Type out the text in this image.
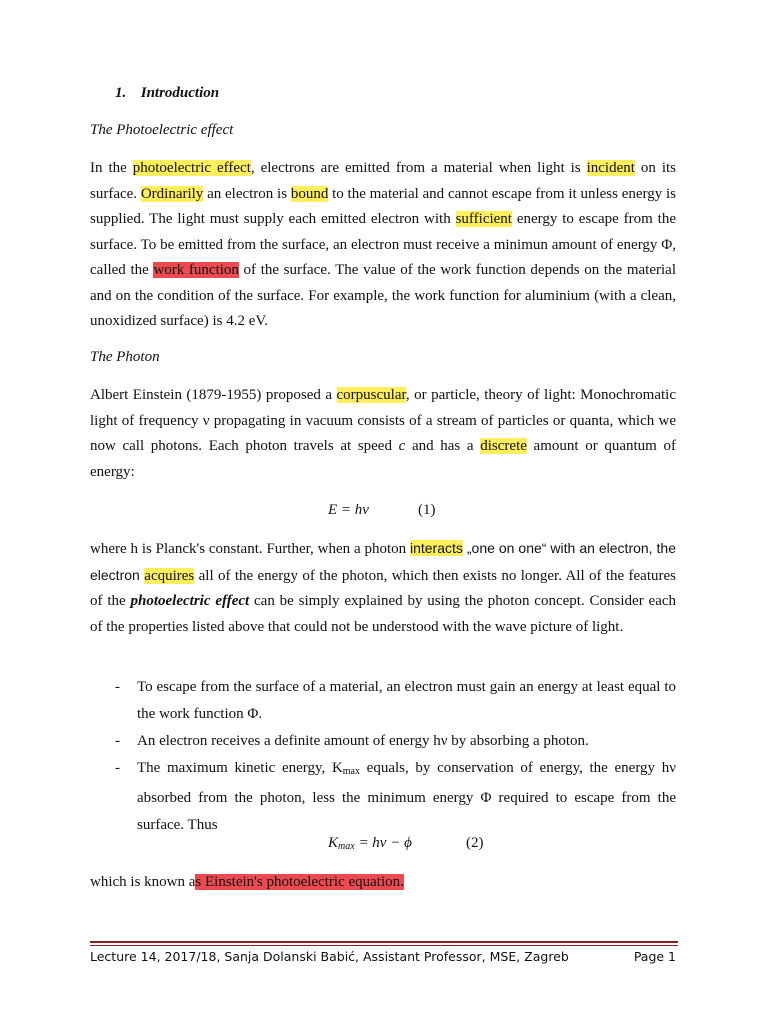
1. Introduction
The Photoelectric effect

In the photoelectric effect, electrons are emitted from a material when light is incident on its surface. Ordinarily an electron is bound to the material and cannot escape from it unless energy is supplied. The light must supply each emitted electron with sufficient energy to escape from the surface. To be emitted from the surface, an electron must receive a minimun amount of energy Φ, called the work function of the surface. The value of the work function depends on the material and on the condition of the surface. For example, the work function for aluminium (with a clean, unoxidized surface) is 4.2 eV.

The Photon

Albert Einstein (1879-1955) proposed a corpuscular, or particle, theory of light: Monochromatic light of frequency ν propagating in vacuum consists of a stream of particles or quanta, which we now call photons. Each photon travels at speed c and has a discrete amount or quantum of energy:

E = hν	(1)

where h is Planck's constant. Further, when a photon interacts „one on one“ with an electron, the electron acquires all of the energy of the photon, which then exists no longer. All of the features of the photoelectric effect can be simply explained by using the photon concept. Consider each of the properties listed above that could not be understood with the wave picture of light.

- To escape from the surface of a material, an electron must gain an energy at least equal to the work function Φ.
- An electron receives a definite amount of energy hν by absorbing a photon.
- The maximum kinetic energy, $K_{max}$ equals, by conservation of energy, the energy hν absorbed from the photon, less the minimum energy Φ required to escape from the surface. Thus
$K_{max} = h\nu - \phi$	(2)

which is known as Einstein's photoelectric equation.

Lecture 14, 2017/18, Sanja Dolanski Babić, Assistant Professor, MSE, Zagreb	Page 1
